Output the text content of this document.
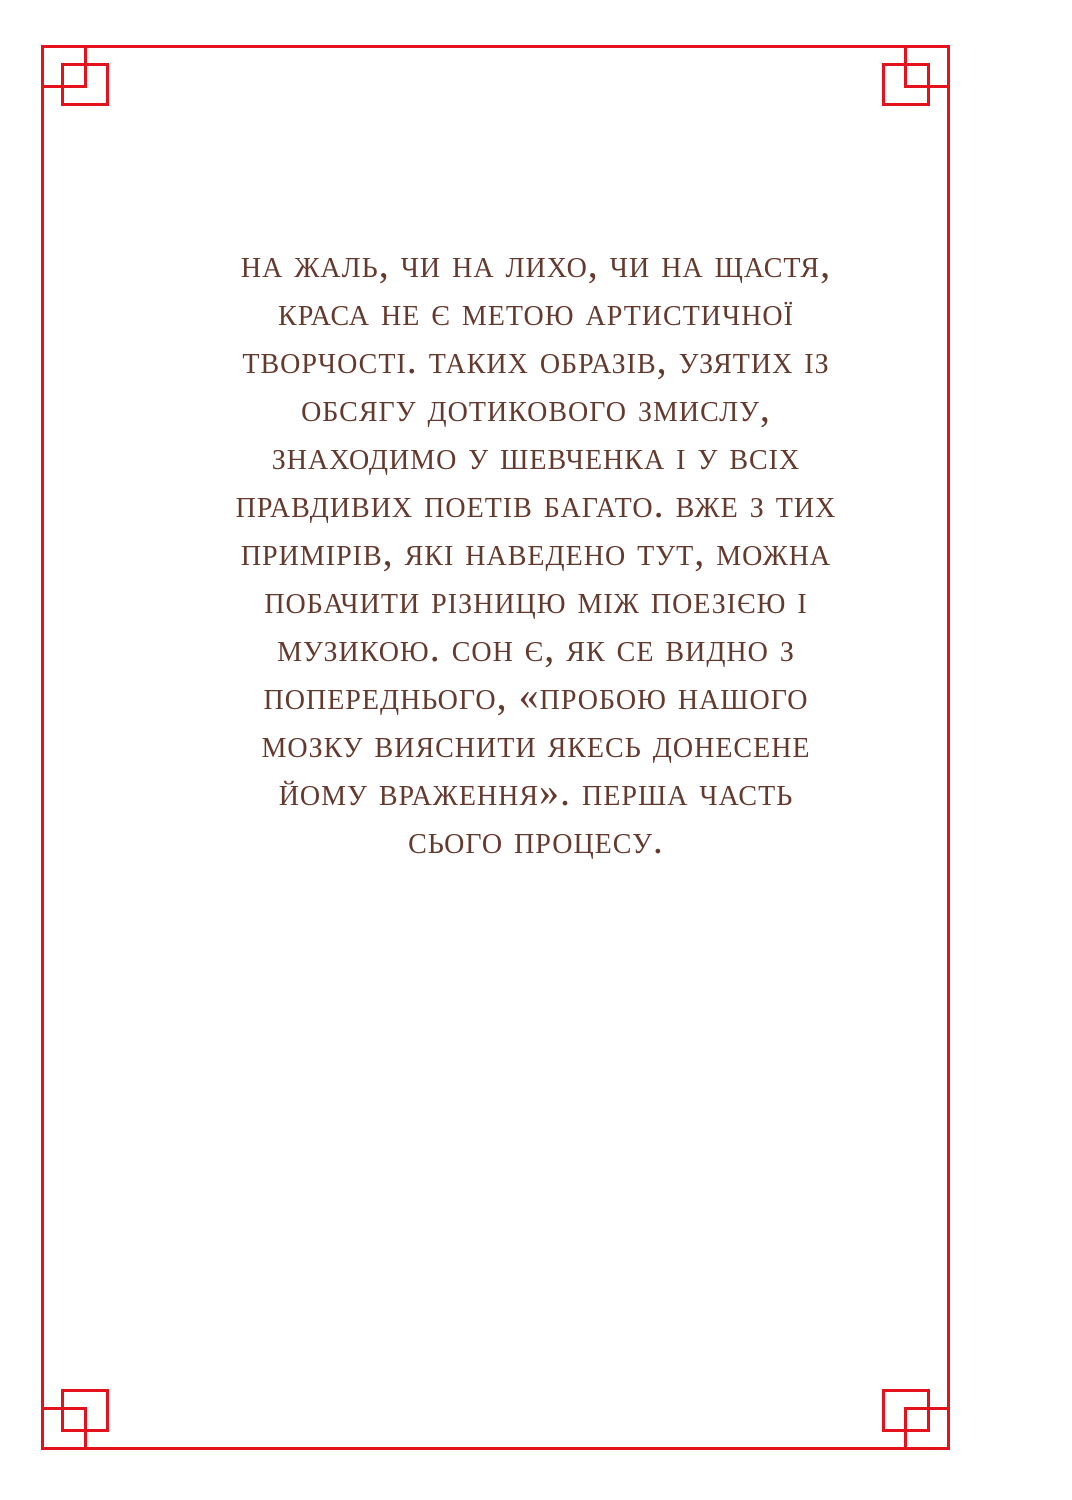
на жаль, чи на лихо, чи на щастя,
краса не є метою артистичної
творчості. таких образів, узятих із
обсягу дотикового змислу,
знаходимо у шевченка і у всіх
правдивих поетів багато. вже з тих
примірів, які наведено тут, можна
побачити різницю між поезією і
музикою. сон є, як се видно з
попереднього, «пробою нашого
мозку вияснити якесь донесене
йому враження». перша часть
сього процесу.
